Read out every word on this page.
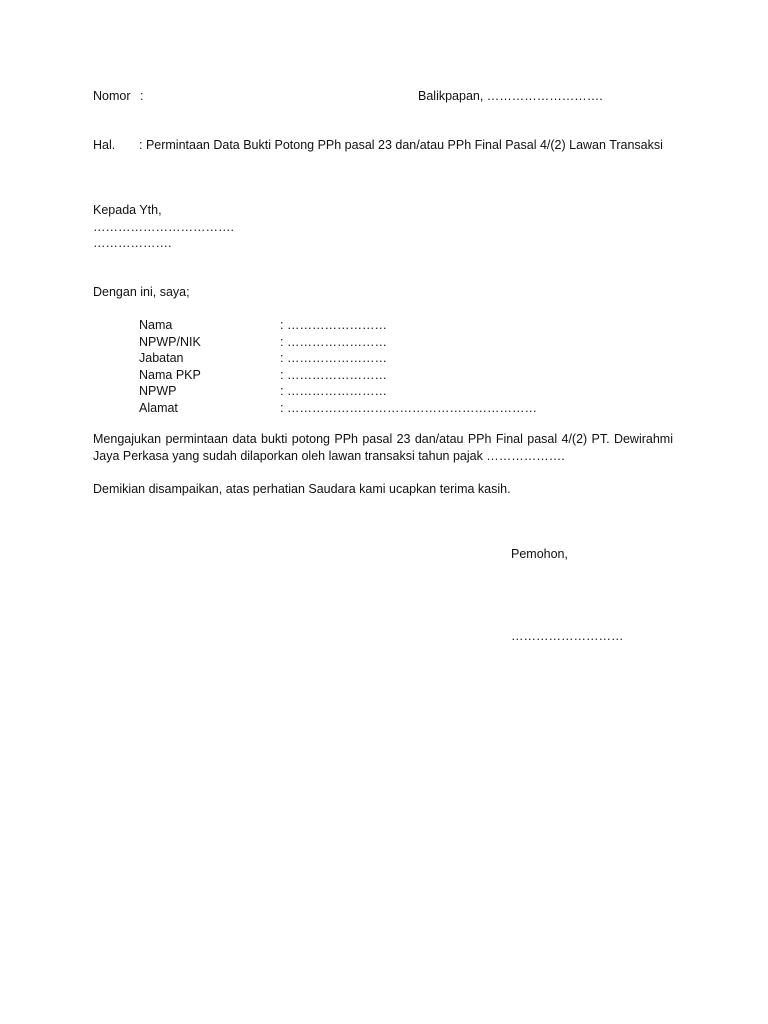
Nomor :	Balikpapan, ……………………….
Hal. : Permintaan Data Bukti Potong PPh pasal 23 dan/atau PPh Final Pasal 4/(2) Lawan Transaksi
Kepada Yth,
…………………………….
……………….
Dengan ini, saya;
Nama	: ……………………
NPWP/NIK	: ……………………
Jabatan	: ……………………
Nama PKP	: ……………………
NPWP	: ……………………
Alamat	: ……………………………………………………
Mengajukan permintaan data bukti potong PPh pasal 23 dan/atau PPh Final pasal 4/(2) PT. Dewirahmi Jaya Perkasa yang sudah dilaporkan oleh lawan transaksi tahun pajak ……………….
Demikian disampaikan, atas perhatian Saudara kami ucapkan terima kasih.
Pemohon,
………………………
